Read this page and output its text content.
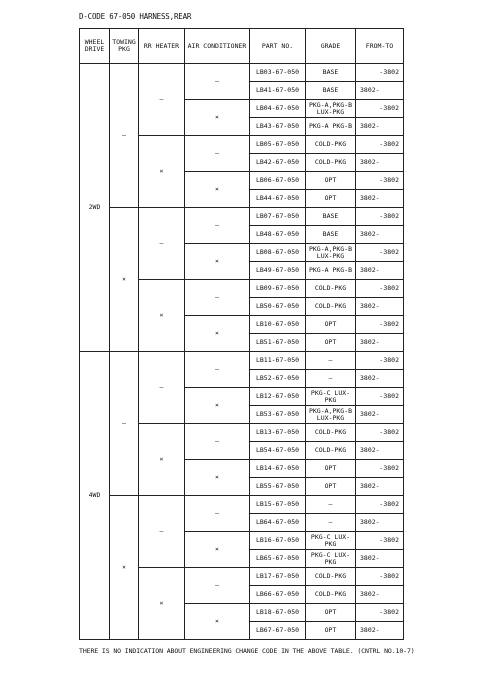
D-CODE 67-050 HARNESS,REAR
WHEEL DRIVE	TOWING PKG	RR HEATER	AIR CONDITIONER	PART NO.	GRADE	FROM-TO
2WD	—	—	—	LB03-67-050	BASE	-3802
				LB41-67-050	BASE	3802-
			×	LB04-67-050	PKG-A,PKG-B LUX-PKG	-3802
				LB43-67-050	PKG-A PKG-B	3802-
		×	—	LB05-67-050	COLD-PKG	-3802
				LB42-67-050	COLD-PKG	3802-
			×	LB06-67-050	OPT	-3802
				LB44-67-050	OPT	3802-
	×	—	—	LB07-67-050	BASE	-3802
				LB48-67-050	BASE	3802-
			×	LB08-67-050	PKG-A,PKG-B LUX-PKG	-3802
				LB49-67-050	PKG-A PKG-B	3802-
		×	—	LB09-67-050	COLD-PKG	-3802
				LB50-67-050	COLD-PKG	3802-
			×	LB10-67-050	OPT	-3802
				LB51-67-050	OPT	3802-
4WD	—	—	—	LB11-67-050	—	-3802
				LB52-67-050	—	3802-
			×	LB12-67-050	PKG-C LUX-PKG	-3802
				LB53-67-050	PKG-A,PKG-B LUX-PKG	3802-
		×	—	LB13-67-050	COLD-PKG	-3802
				LB54-67-050	COLD-PKG	3802-
			×	LB14-67-050	OPT	-3802
				LB55-67-050	OPT	3802-
	×	—	—	LB15-67-050	—	-3802
				LB64-67-050	—	3802-
			×	LB16-67-050	PKG-C LUX-PKG	-3802
				LB65-67-050	PKG-C LUX-PKG	3802-
		×	—	LB17-67-050	COLD-PKG	-3802
				LB66-67-050	COLD-PKG	3802-
			×	LB18-67-050	OPT	-3802
				LB67-67-050	OPT	3802-
THERE IS NO INDICATION ABOUT ENGINEERING CHANGE CODE IN THE ABOVE TABLE. (CNTRL NO.10-7)
